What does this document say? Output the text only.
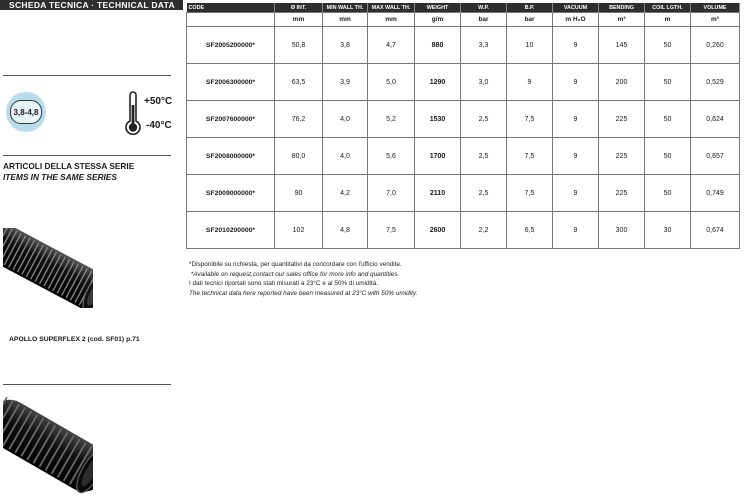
SCHEDA TECNICA · TECHNICAL DATA
3,8-4,8
+50°C
-40°C
ARTICOLI DELLA STESSA SERIE
ITEMS IN THE SAME SERIES
APOLLO SUPERFLEX 2 (cod. SF01) p.71
CODE	Ø INT.	MIN WALL TH.	MAX WALL TH.	WEIGHT	W.P.	B.P.	VACUUM	BENDING	COIL LGTH.	VOLUME
	mm	mm	mm	g/m	bar	bar	m H₂O	m³	m	m³
SF2005200000*	50,8	3,8	4,7	880	3,3	10	9	145	50	0,260
SF2006300000*	63,5	3,9	5,0	1290	3,0	9	9	200	50	0,529
SF2007600000*	76,2	4,0	5,2	1530	2,5	7,5	9	225	50	0,624
SF2008000000*	80,0	4,0	5,6	1700	2,5	7,5	9	225	50	0,657
SF2009000000*	90	4,2	7,0	2110	2,5	7,5	9	225	50	0,749
SF2010200000*	102	4,8	7,5	2600	2,2	6,5	9	300	30	0,674
*Disponibile su richiesta, per quantitativi da concordare con l'ufficio vendite.
*Available on request,contact our sales office for more info and quantities.
I dati tecnici riportati sono stati misurati a 23°C e al 50% di umidità.
The technical data here reported have been measured at 23°C with 50% umidity.
